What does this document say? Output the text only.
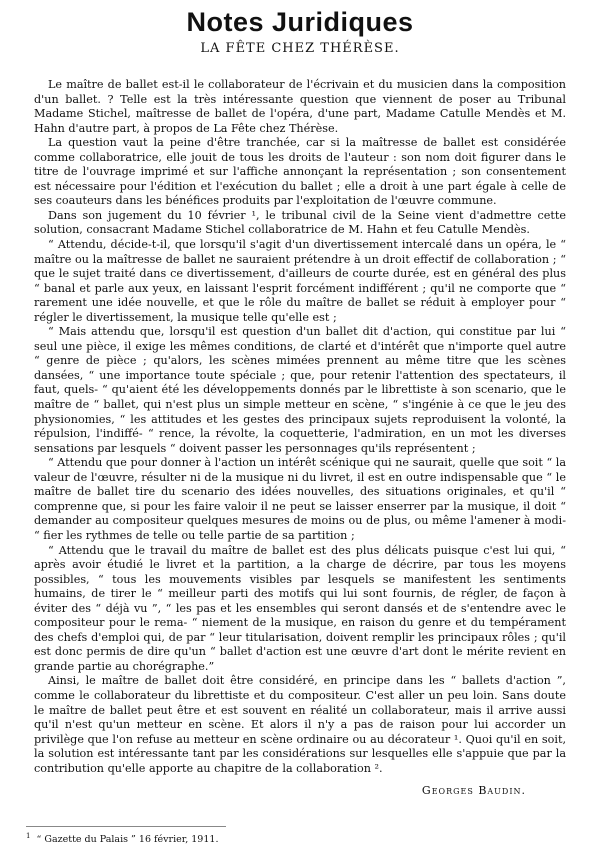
Notes Juridiques
LA FÊTE CHEZ THÉRÈSE.

Le maître de ballet est-il le collaborateur de l'écrivain et du musicien dans la composition d'un ballet. ? Telle est la très intéressante question que viennent de poser au Tribunal Madame Stichel, maîtresse de ballet de l'opéra, d'une part, Madame Catulle Mendès et M. Hahn d'autre part, à propos de La Fête chez Thérèse.

La question vaut la peine d'être tranchée, car si la maîtresse de ballet est considérée comme collaboratrice, elle jouit de tous les droits de l'auteur : son nom doit figurer dans le titre de l'ouvrage imprimé et sur l'affiche annonçant la représentation ; son consentement est nécessaire pour l'édition et l'exécution du ballet ; elle a droit à une part égale à celle de ses coauteurs dans les bénéfices produits par l'exploitation de l'œuvre commune.

Dans son jugement du 10 février ¹, le tribunal civil de la Seine vient d'admettre cette solution, consacrant Madame Stichel collaboratrice de M. Hahn et feu Catulle Mendès.

“ Attendu, décide-t-il, que lorsqu'il s'agit d'un divertissement intercalé dans un opéra, le “ maître ou la maîtresse de ballet ne sauraient prétendre à un droit effectif de collaboration ; “ que le sujet traité dans ce divertissement, d'ailleurs de courte durée, est en général des plus “ banal et parle aux yeux, en laissant l'esprit forcément indifférent ; qu'il ne comporte que “ rarement une idée nouvelle, et que le rôle du maître de ballet se réduit à employer pour “ régler le divertissement, la musique telle qu'elle est ;

“ Mais attendu que, lorsqu'il est question d'un ballet dit d'action, qui constitue par lui “ seul une pièce, il exige les mêmes conditions, de clarté et d'intérêt que n'importe quel autre “ genre de pièce ; qu'alors, les scènes mimées prennent au même titre que les scènes dansées, “ une importance toute spéciale ; que, pour retenir l'attention des spectateurs, il faut, quels- “ qu'aient été les développements donnés par le librettiste à son scenario, que le maître de “ ballet, qui n'est plus un simple metteur en scène, “ s'ingénie à ce que le jeu des physionomies, “ les attitudes et les gestes des principaux sujets reproduisent la volonté, la répulsion, l'indiffé- “ rence, la révolte, la coquetterie, l'admiration, en un mot les diverses sensations par lesquels “ doivent passer les personnages qu'ils représentent ;

“ Attendu que pour donner à l'action un intérêt scénique qui ne saurait, quelle que soit “ la valeur de l'œuvre, résulter ni de la musique ni du livret, il est en outre indispensable que “ le maître de ballet tire du scenario des idées nouvelles, des situations originales, et qu'il “ comprenne que, si pour les faire valoir il ne peut se laisser enserrer par la musique, il doit “ demander au compositeur quelques mesures de moins ou de plus, ou même l'amener à modi- “ fier les rythmes de telle ou telle partie de sa partition ;

“ Attendu que le travail du maître de ballet est des plus délicats puisque c'est lui qui, “ après avoir étudié le livret et la partition, a la charge de décrire, par tous les moyens possibles, “ tous les mouvements visibles par lesquels se manifestent les sentiments humains, de tirer le “ meilleur parti des motifs qui lui sont fournis, de régler, de façon à éviter des “ déjà vu ”, “ les pas et les ensembles qui seront dansés et de s'entendre avec le compositeur pour le rema- “ niement de la musique, en raison du genre et du tempérament des chefs d'emploi qui, de par “ leur titularisation, doivent remplir les principaux rôles ; qu'il est donc permis de dire qu'un “ ballet d'action est une œuvre d'art dont le mérite revient en grande partie au chorégraphe.”

Ainsi, le maître de ballet doit être considéré, en principe dans les “ ballets d'action ”, comme le collaborateur du librettiste et du compositeur. C'est aller un peu loin. Sans doute le maître de ballet peut être et est souvent en réalité un collaborateur, mais il arrive aussi qu'il n'est qu'un metteur en scène. Et alors il n'y a pas de raison pour lui accorder un privilège que l'on refuse au metteur en scène ordinaire ou au décorateur ¹. Quoi qu'il en soit, la solution est intéressante tant par les considérations sur lesquelles elle s'appuie que par la contribution qu'elle apporte au chapitre de la collaboration ².

Georges Baudin.
$^1$ “ Gazette du Palais ” 16 février, 1911.
